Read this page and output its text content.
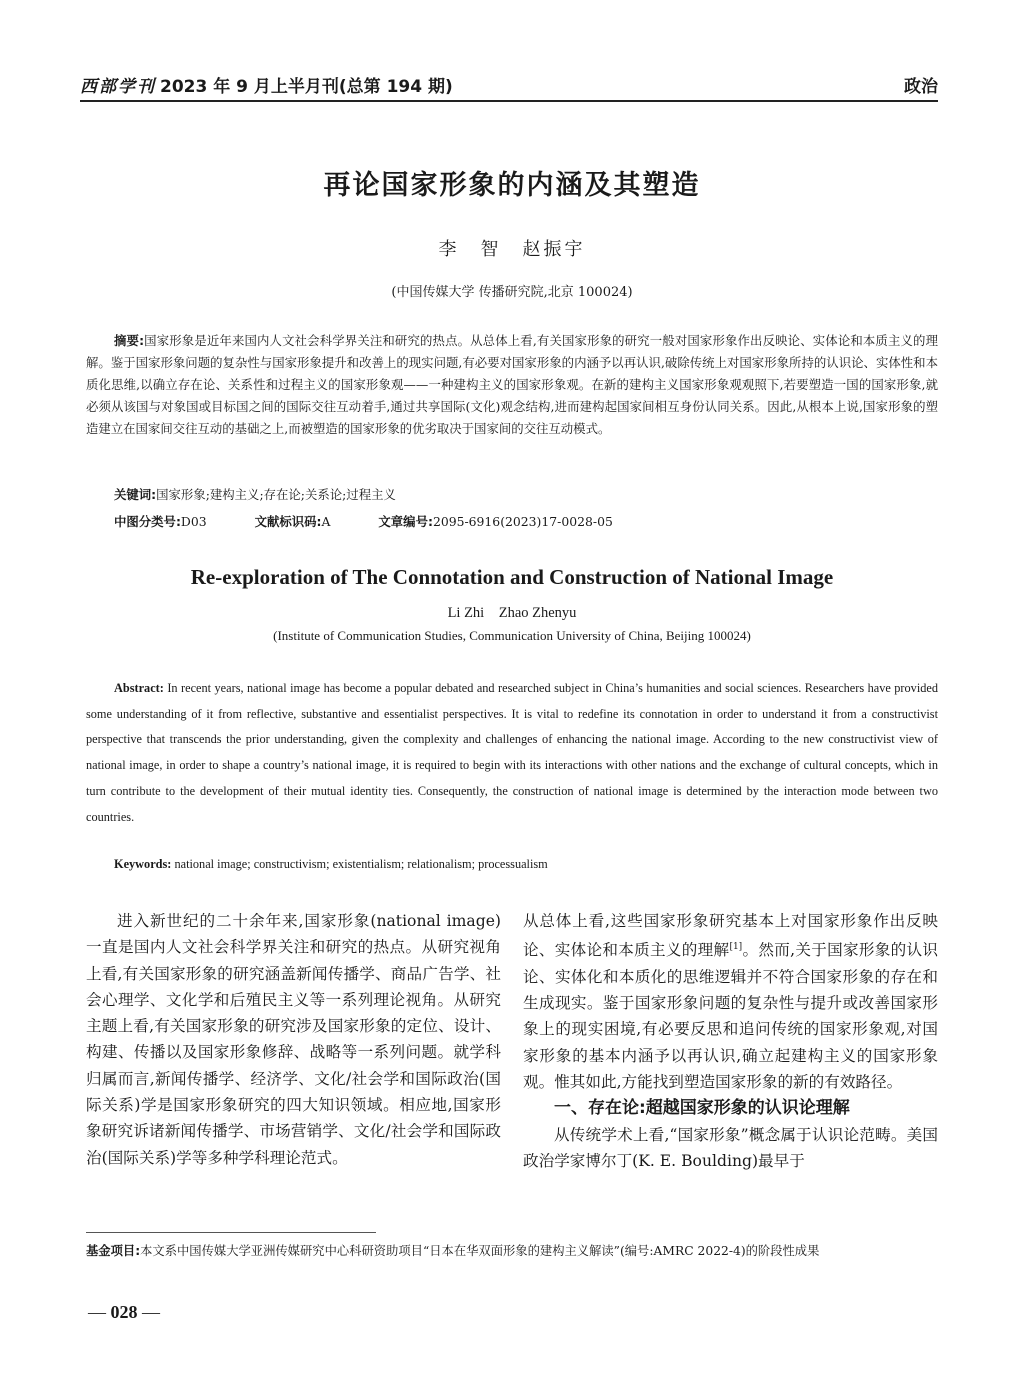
西部学刊 2023 年 9 月上半月刊(总第 194 期)	政治
再论国家形象的内涵及其塑造
李　智　赵振宇
(中国传媒大学 传播研究院,北京 100024)
摘要:国家形象是近年来国内人文社会科学界关注和研究的热点。从总体上看,有关国家形象的研究一般对国家形象作出反映论、实体论和本质主义的理解。鉴于国家形象问题的复杂性与国家形象提升和改善上的现实问题,有必要对国家形象的内涵予以再认识,破除传统上对国家形象所持的认识论、实体性和本质化思维,以确立存在论、关系性和过程主义的国家形象观——一种建构主义的国家形象观。在新的建构主义国家形象观观照下,若要塑造一国的国家形象,就必须从该国与对象国或目标国之间的国际交往互动着手,通过共享国际(文化)观念结构,进而建构起国家间相互身份认同关系。因此,从根本上说,国家形象的塑造建立在国家间交往互动的基础之上,而被塑造的国家形象的优劣取决于国家间的交往互动模式。
关键词:国家形象;建构主义;存在论;关系论;过程主义
中图分类号:D03	文献标识码:A	文章编号:2095-6916(2023)17-0028-05
Re-exploration of The Connotation and Construction of National Image
Li Zhi　Zhao Zhenyu
(Institute of Communication Studies, Communication University of China, Beijing 100024)
Abstract: In recent years, national image has become a popular debated and researched subject in China’s humanities and social sciences. Researchers have provided some understanding of it from reflective, substantive and essentialist perspectives. It is vital to redefine its connotation in order to understand it from a constructivist perspective that transcends the prior understanding, given the complexity and challenges of enhancing the national image. According to the new constructivist view of national image, in order to shape a country’s national image, it is required to begin with its interactions with other nations and the exchange of cultural concepts, which in turn contribute to the development of their mutual identity ties. Consequently, the construction of national image is determined by the interaction mode between two countries.
Keywords: national image; constructivism; existentialism; relationalism; processualism

进入新世纪的二十余年来,国家形象(national image)一直是国内人文社会科学界关注和研究的热点。从研究视角上看,有关国家形象的研究涵盖新闻传播学、商品广告学、社会心理学、文化学和后殖民主义等一系列理论视角。从研究主题上看,有关国家形象的研究涉及国家形象的定位、设计、构建、传播以及国家形象修辞、战略等一系列问题。就学科归属而言,新闻传播学、经济学、文化/社会学和国际政治(国际关系)学是国家形象研究的四大知识领域。相应地,国家形象研究诉诸新闻传播学、市场营销学、文化/社会学和国际政治(国际关系)学等多种学科理论范式。

从总体上看,这些国家形象研究基本上对国家形象作出反映论、实体论和本质主义的理解[1]。然而,关于国家形象的认识论、实体化和本质化的思维逻辑并不符合国家形象的存在和生成现实。鉴于国家形象问题的复杂性与提升或改善国家形象上的现实困境,有必要反思和追问传统的国家形象观,对国家形象的基本内涵予以再认识,确立起建构主义的国家形象观。惟其如此,方能找到塑造国家形象的新的有效路径。

一、存在论:超越国家形象的认识论理解

从传统学术上看,“国家形象”概念属于认识论范畴。美国政治学家博尔丁(K. E. Boulding)最早于

基金项目:本文系中国传媒大学亚洲传媒研究中心科研资助项目“日本在华双面形象的建构主义解读”(编号:AMRC 2022-4)的阶段性成果
— 028 —
